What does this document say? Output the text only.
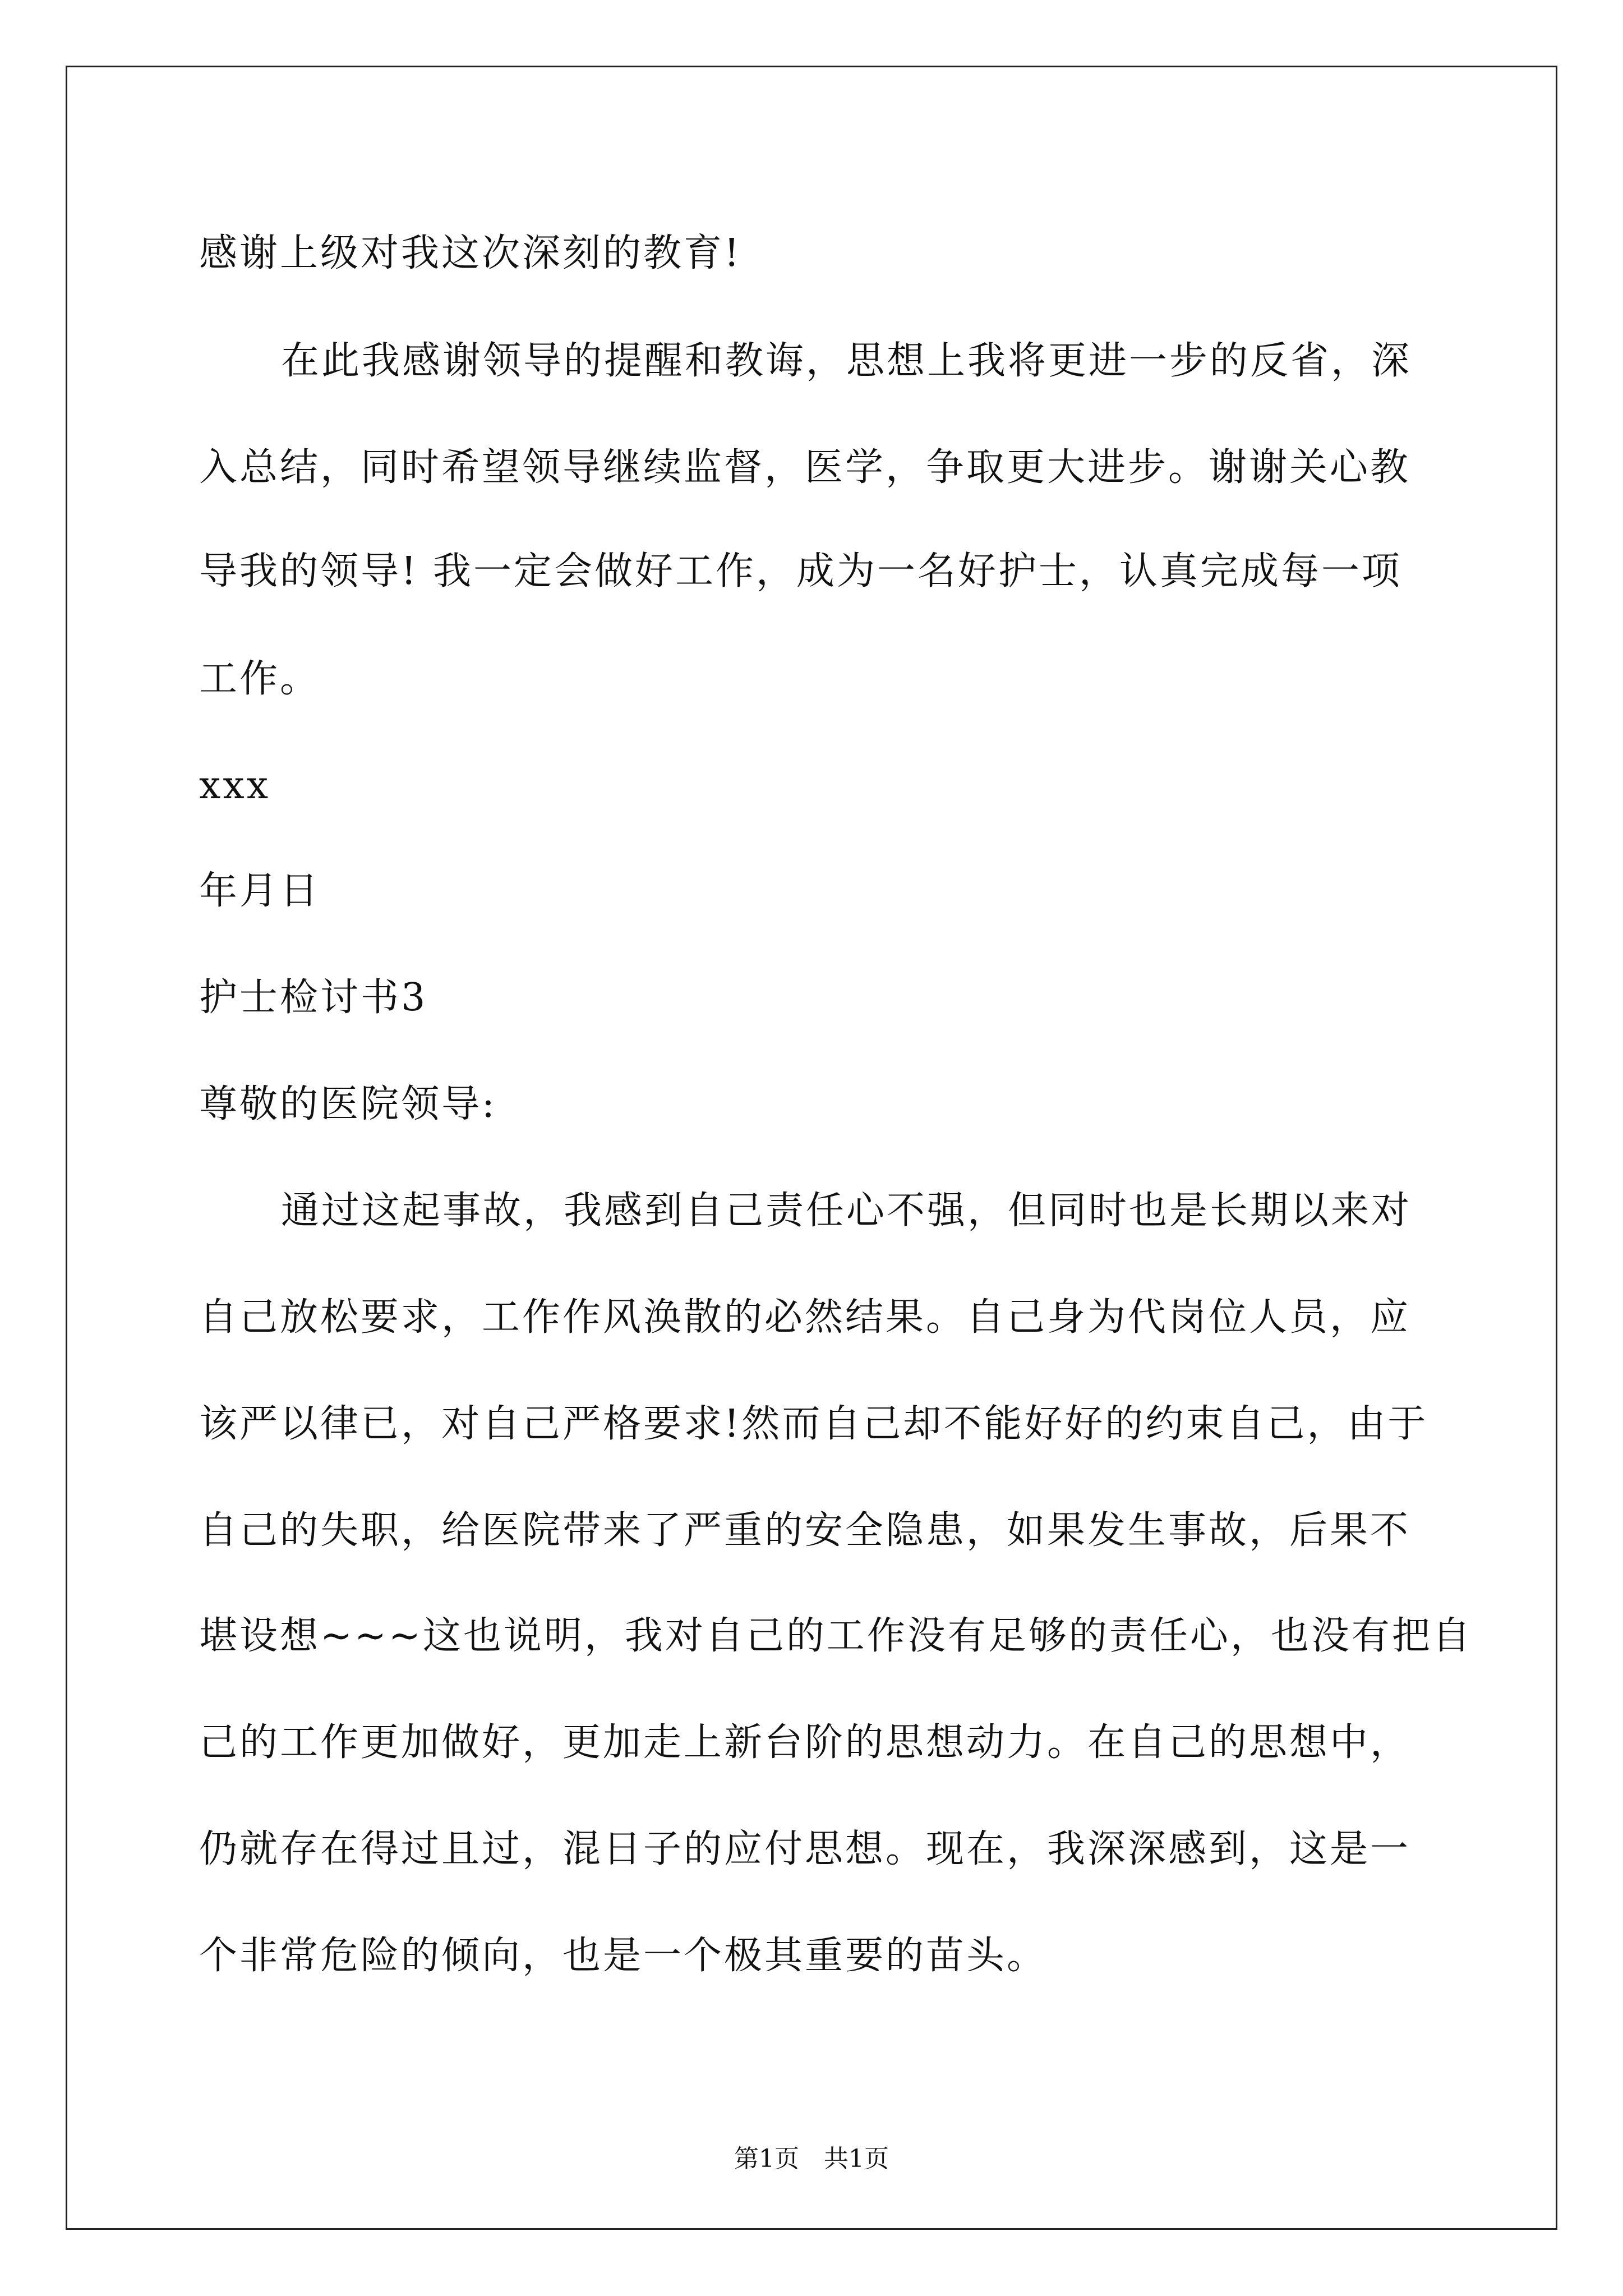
感谢上级对我这次深刻的教育!
在此我感谢领导的提醒和教诲，思想上我将更进一步的反省，深
入总结，同时希望领导继续监督，医学，争取更大进步。谢谢关心教
导我的领导! 我一定会做好工作，成为一名好护士，认真完成每一项
工作。
xxx
年月日
护士检讨书3
尊敬的医院领导:
通过这起事故，我感到自己责任心不强，但同时也是长期以来对
自己放松要求，工作作风涣散的必然结果。自己身为代岗位人员，应
该严以律已，对自己严格要求!然而自己却不能好好的约束自己，由于
自己的失职，给医院带来了严重的安全隐患，如果发生事故，后果不
堪设想~~~这也说明，我对自己的工作没有足够的责任心，也没有把自
己的工作更加做好，更加走上新台阶的思想动力。在自己的思想中，
仍就存在得过且过，混日子的应付思想。现在，我深深感到，这是一
个非常危险的倾向，也是一个极其重要的苗头。
第1页　共1页
